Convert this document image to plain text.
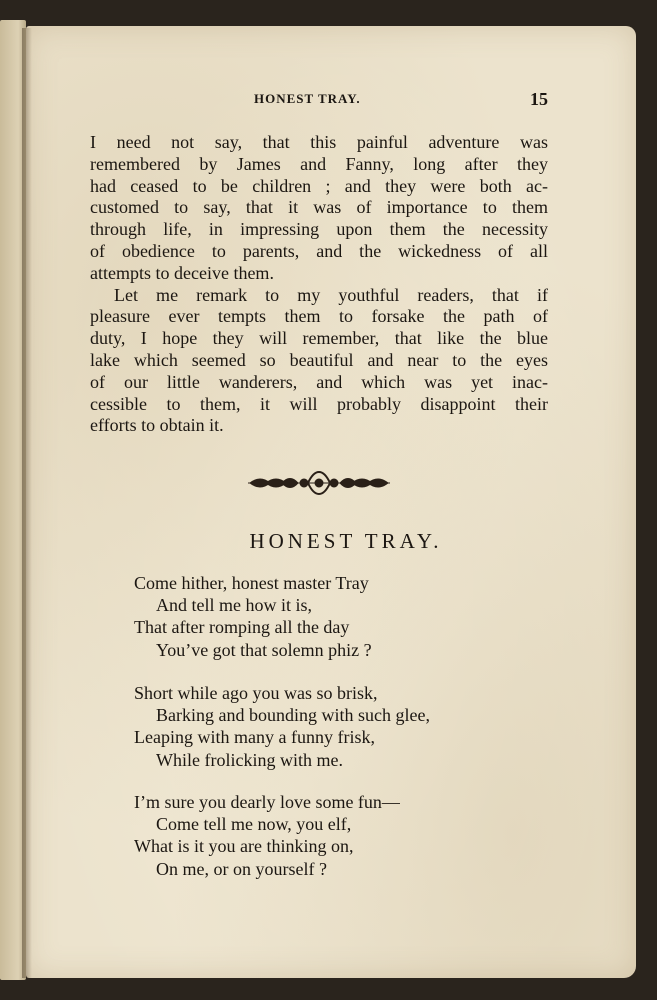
HONEST TRAY.	15
I need not say, that this painful adventure was
remembered by James and Fanny, long after they
had ceased to be children ; and they were both ac-
customed to say, that it was of importance to them
through life, in impressing upon them the necessity
of obedience to parents, and the wickedness of all
attempts to deceive them.
Let me remark to my youthful readers, that if
pleasure ever tempts them to forsake the path of
duty, I hope they will remember, that like the blue
lake which seemed so beautiful and near to the eyes
of our little wanderers, and which was yet inac-
cessible to them, it will probably disappoint their
efforts to obtain it.
HONEST TRAY.
Come hither, honest master Tray
And tell me how it is,
That after romping all the day
You’ve got that solemn phiz ?
Short while ago you was so brisk,
Barking and bounding with such glee,
Leaping with many a funny frisk,
While frolicking with me.
I’m sure you dearly love some fun—
Come tell me now, you elf,
What is it you are thinking on,
On me, or on yourself ?
